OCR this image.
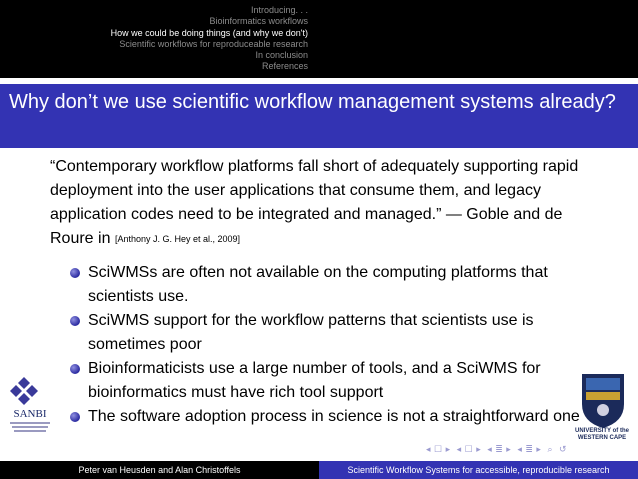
Introducing. . .
Bioinformatics workflows
How we could be doing things (and why we don't)
Scientific workflows for reproduceable research
In conclusion
References
Why don’t we use scientific workflow management systems already?
“Contemporary workflow platforms fall short of adequately supporting rapid deployment into the user applications that consume them, and legacy application codes need to be integrated and managed.” — Goble and de Roure in [Anthony J. G. Hey et al., 2009]
SciWMSs are often not available on the computing platforms that scientists use.
SciWMS support for the workflow patterns that scientists use is sometimes poor
Bioinformaticists use a large number of tools, and a SciWMS for bioinformatics must have rich tool support
The software adoption process in science is not a straightforward one
SANBI
UNIVERSITY of the WESTERN CAPE
◂ ☐ ▸ ◂ ☐ ▸ ◂ ≣ ▸ ◂ ≣ ▸ ⌕ ↺
Peter van Heusden and Alan Christoffels	Scientific Workflow Systems for accessible, reproducible research
